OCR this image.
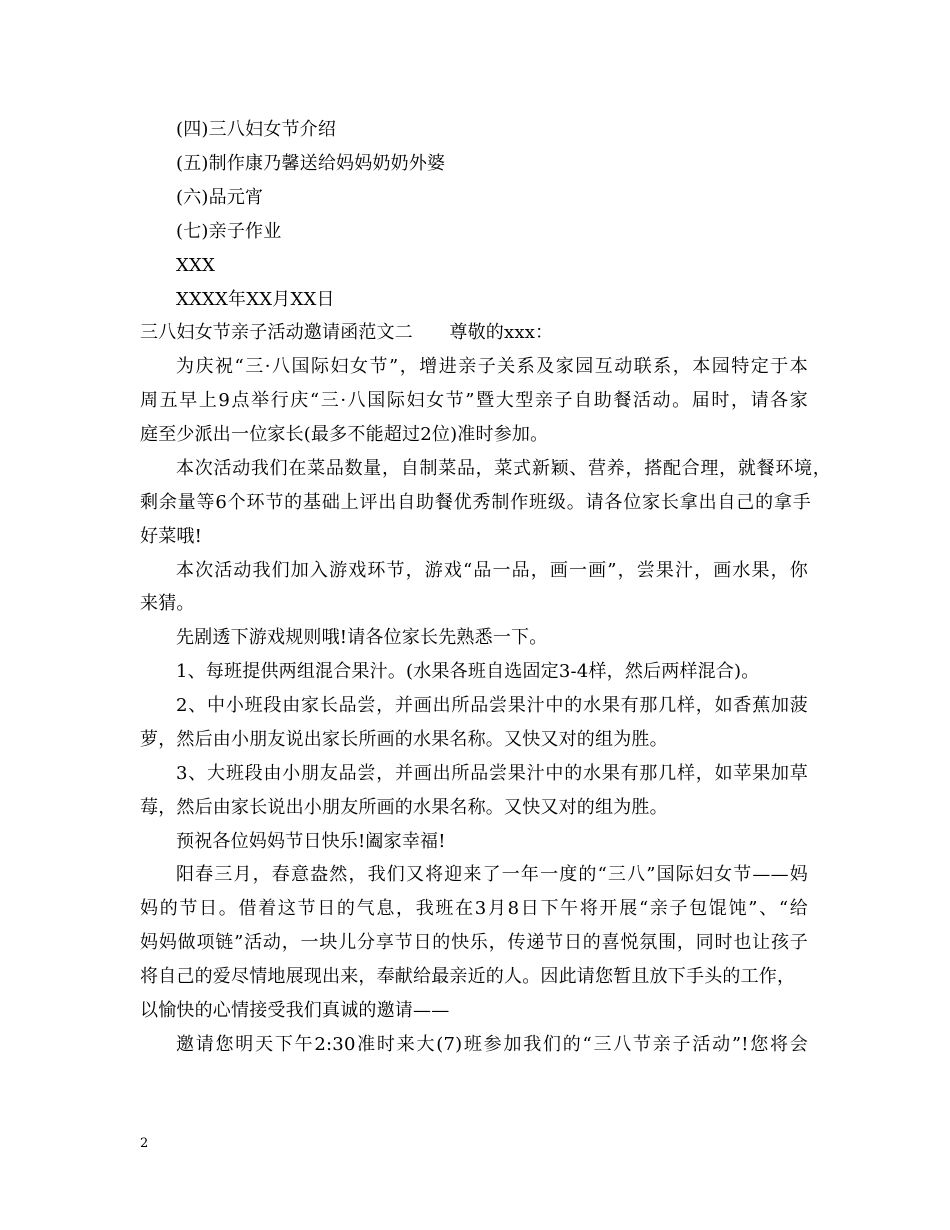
(四)三八妇女节介绍
(五)制作康乃馨送给妈妈奶奶外婆
(六)品元宵
(七)亲子作业
XXX
XXXX年XX月XX日
三八妇女节亲子活动邀请函范文二　　尊敬的xxx：
为庆祝“三·八国际妇女节”，增进亲子关系及家园互动联系，本园特定于本
周五早上9点举行庆“三·八国际妇女节”暨大型亲子自助餐活动。届时，请各家
庭至少派出一位家长(最多不能超过2位)准时参加。
本次活动我们在菜品数量，自制菜品，菜式新颖、营养，搭配合理，就餐环境，
剩余量等6个环节的基础上评出自助餐优秀制作班级。请各位家长拿出自己的拿手
好菜哦!
本次活动我们加入游戏环节，游戏“品一品，画一画”，尝果汁，画水果，你
来猜。
先剧透下游戏规则哦!请各位家长先熟悉一下。
1、每班提供两组混合果汁。(水果各班自选固定3-4样，然后两样混合)。
2、中小班段由家长品尝，并画出所品尝果汁中的水果有那几样，如香蕉加菠
萝，然后由小朋友说出家长所画的水果名称。又快又对的组为胜。
3、大班段由小朋友品尝，并画出所品尝果汁中的水果有那几样，如苹果加草
莓，然后由家长说出小朋友所画的水果名称。又快又对的组为胜。
预祝各位妈妈节日快乐!阖家幸福!
阳春三月，春意盎然，我们又将迎来了一年一度的“三八”国际妇女节——妈
妈的节日。借着这节日的气息，我班在3月8日下午将开展“亲子包馄饨”、“给
妈妈做项链”活动，一块儿分享节日的快乐，传递节日的喜悦氛围，同时也让孩子
将自己的爱尽情地展现出来，奉献给最亲近的人。因此请您暂且放下手头的工作，
以愉快的心情接受我们真诚的邀请——
邀请您明天下午2:30准时来大(7)班参加我们的“三八节亲子活动”!您将会
2
